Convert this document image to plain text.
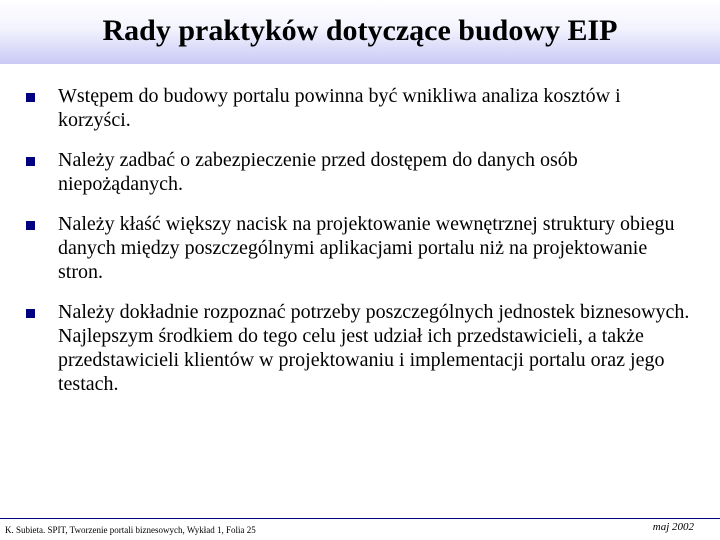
Rady praktyków dotyczące budowy EIP
Wstępem do budowy portalu powinna być wnikliwa analiza kosztów i korzyści.
Należy zadbać o zabezpieczenie przed dostępem do danych osób niepożądanych.
Należy kłaść większy nacisk na projektowanie wewnętrznej struktury obiegu danych między poszczególnymi aplikacjami portalu niż na projektowanie stron.
Należy dokładnie rozpoznać potrzeby poszczególnych jednostek biznesowych. Najlepszym środkiem do tego celu jest udział ich przedstawicieli, a także przedstawicieli klientów w projektowaniu i implementacji portalu oraz jego testach.
K. Subieta. SPIT, Tworzenie portali biznesowych, Wykład 1, Folia 25	maj 2002
